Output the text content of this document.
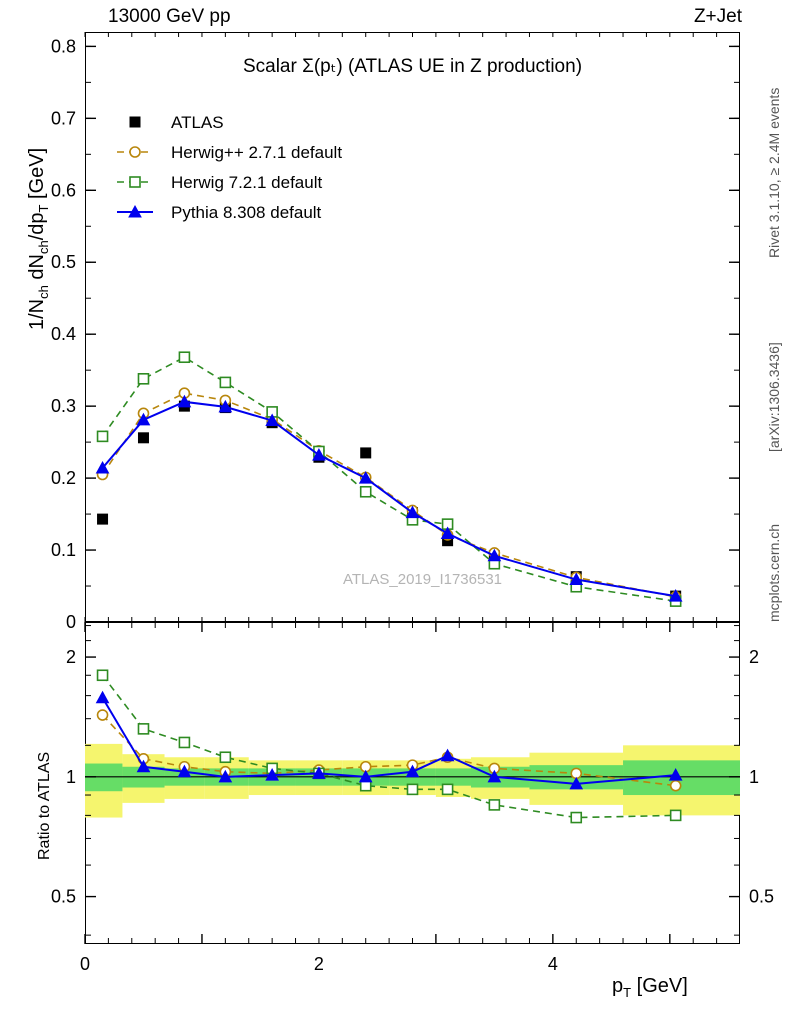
13000 GeV pp	Z+Jet
0
0.1
0.2
0.3
0.4
0.5
0.6
0.7
0.8
0.5	0.5
1	1
2	2
0	2	4
Scalar Σ(pₜ) (ATLAS UE in Z production)
ATLAS_2019_I1736531
ATLAS
Herwig++ 2.7.1 default
Herwig 7.2.1 default
Pythia 8.308 default
$1/N_{ch}$ $dN_{ch}/dp_T$ [GeV]
Ratio to ATLAS
$p_T$ [GeV]
Rivet 3.1.10, ≥ 2.4M events
[arXiv:1306.3436]
mcplots.cern.ch
